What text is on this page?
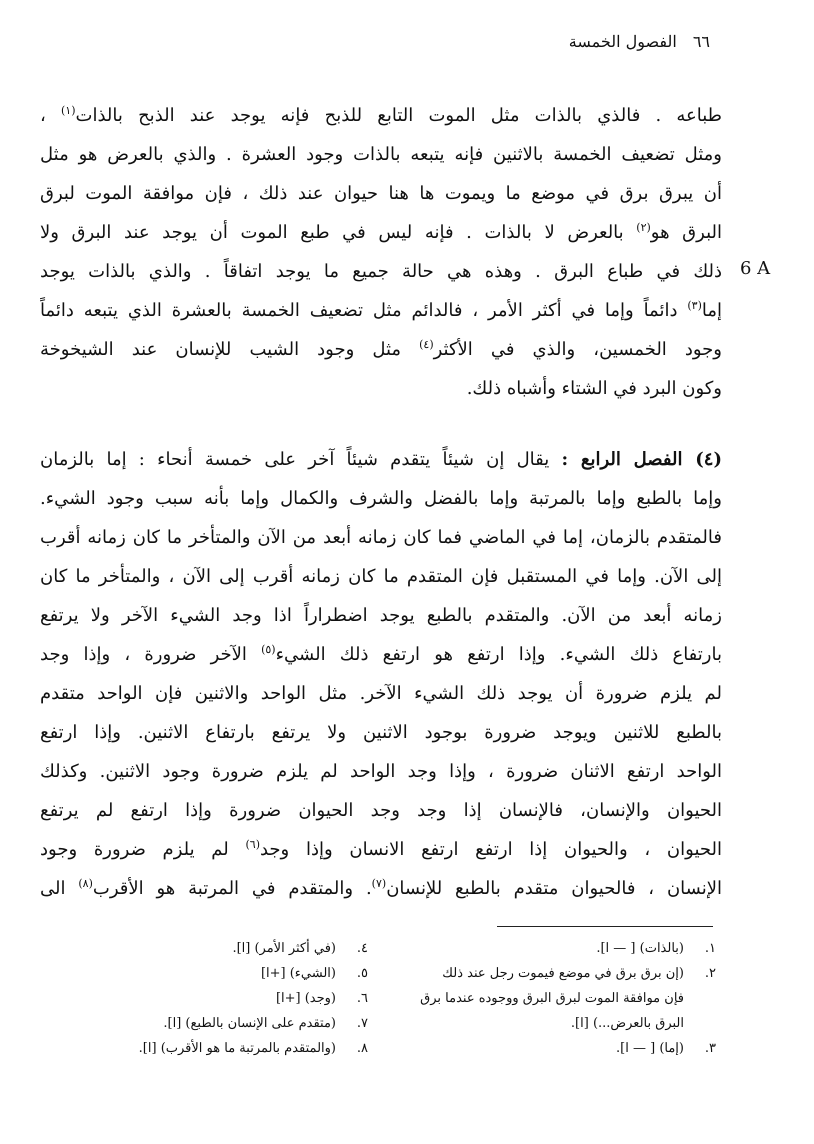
٦٦الفصول الخمسة
6 A
طباعه . فالذي بالذات مثل الموت التابع للذبح فإنه يوجد عند الذبح بالذات$^{(١)}$ ،
ومثل تضعيف الخمسة بالاثنين فإنه يتبعه بالذات وجود العشرة . والذي بالعرض هو مثل
أن يبرق برق في موضع ما ويموت ها هنا حيوان عند ذلك ، فإن موافقة الموت لبرق
البرق هو$^{(٢)}$ بالعرض لا بالذات . فإنه ليس في طبع الموت أن يوجد عند البرق ولا
ذلك في طباع البرق . وهذه هي حالة جميع ما يوجد اتفاقاً . والذي بالذات يوجد
إما$^{(٣)}$ دائماً وإما في أكثر الأمر ، فالدائم مثل تضعيف الخمسة بالعشرة الذي يتبعه دائماً
وجود الخمسين، والذي في الأكثر$^{(٤)}$ مثل وجود الشيب للإنسان عند الشيخوخة
وكون البرد في الشتاء وأشباه ذلك.
(٤) الفصل الرابع : يقال إن شيئاً يتقدم شيئاً آخر على خمسة أنحاء : إما بالزمان
وإما بالطبع وإما بالمرتبة وإما بالفضل والشرف والكمال وإما بأنه سبب وجود الشيء.
فالمتقدم بالزمان، إما في الماضي فما كان زمانه أبعد من الآن والمتأخر ما كان زمانه أقرب
إلى الآن. وإما في المستقبل فإن المتقدم ما كان زمانه أقرب إلى الآن ، والمتأخر ما كان
زمانه أبعد من الآن. والمتقدم بالطبع يوجد اضطراراً اذا وجد الشيء الآخر ولا يرتفع
بارتفاع ذلك الشيء. وإذا ارتفع هو ارتفع ذلك الشيء$^{(٥)}$ الآخر ضرورة ، وإذا وجد
لم يلزم ضرورة أن يوجد ذلك الشيء الآخر. مثل الواحد والاثنين فإن الواحد متقدم
بالطبع للاثنين ويوجد ضرورة بوجود الاثنين ولا يرتفع بارتفاع الاثنين. وإذا ارتفع
الواحد ارتفع الاثنان ضرورة ، وإذا وجد الواحد لم يلزم ضرورة وجود الاثنين. وكذلك
الحيوان والإنسان، فالإنسان إذا وجد وجد الحيوان ضرورة وإذا ارتفع لم يرتفع
الحيوان ، والحيوان إذا ارتفع ارتفع الانسان وإذا وجد$^{(٦)}$ لم يلزم ضرورة وجود
الإنسان ، فالحيوان متقدم بالطبع للإنسان$^{(٧)}$. والمتقدم في المرتبة هو الأقرب$^{(٨)}$ الى
١.
(بالذات) [ — ا].
٢.
(إن برق برق في موضع فيموت رجل عند ذلك
فإن موافقة الموت لبرق البرق ووجوده عندما برق
البرق بالعرض...) [ا].
٣.
(إما) [ — ا].
٤.
(في أكثر الأمر) [ا].
٥.
(الشيء) [+ا]
٦.
(وجد) [+ا]
٧.
(متقدم على الإنسان بالطبع) [ا].
٨.
(والمتقدم بالمرتبة ما هو الأقرب) [ا].
